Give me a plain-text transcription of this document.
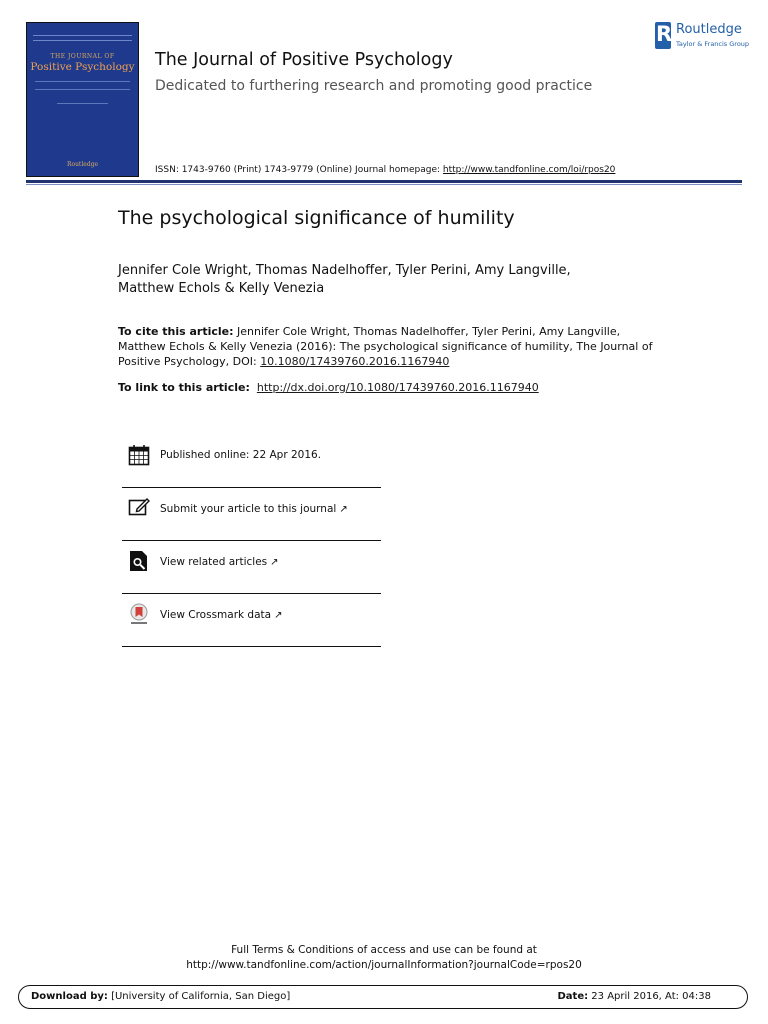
THE JOURNAL OF
Positive Psychology
Routledge
The Journal of Positive Psychology
Dedicated to furthering research and promoting good practice
ISSN: 1743-9760 (Print) 1743-9779 (Online) Journal homepage: http://www.tandfonline.com/loi/rpos20
R Routledge
Taylor & Francis Group
The psychological significance of humility
Jennifer Cole Wright, Thomas Nadelhoffer, Tyler Perini, Amy Langville,
Matthew Echols & Kelly Venezia
To cite this article: Jennifer Cole Wright, Thomas Nadelhoffer, Tyler Perini, Amy Langville, Matthew Echols & Kelly Venezia (2016): The psychological significance of humility, The Journal of Positive Psychology, DOI: 10.1080/17439760.2016.1167940
To link to this article: http://dx.doi.org/10.1080/17439760.2016.1167940
Published online: 22 Apr 2016.
Submit your article to this journal ↗
View related articles ↗
View Crossmark data ↗
Full Terms & Conditions of access and use can be found at
http://www.tandfonline.com/action/journalInformation?journalCode=rpos20
Download by: [University of California, San Diego]	Date: 23 April 2016, At: 04:38
